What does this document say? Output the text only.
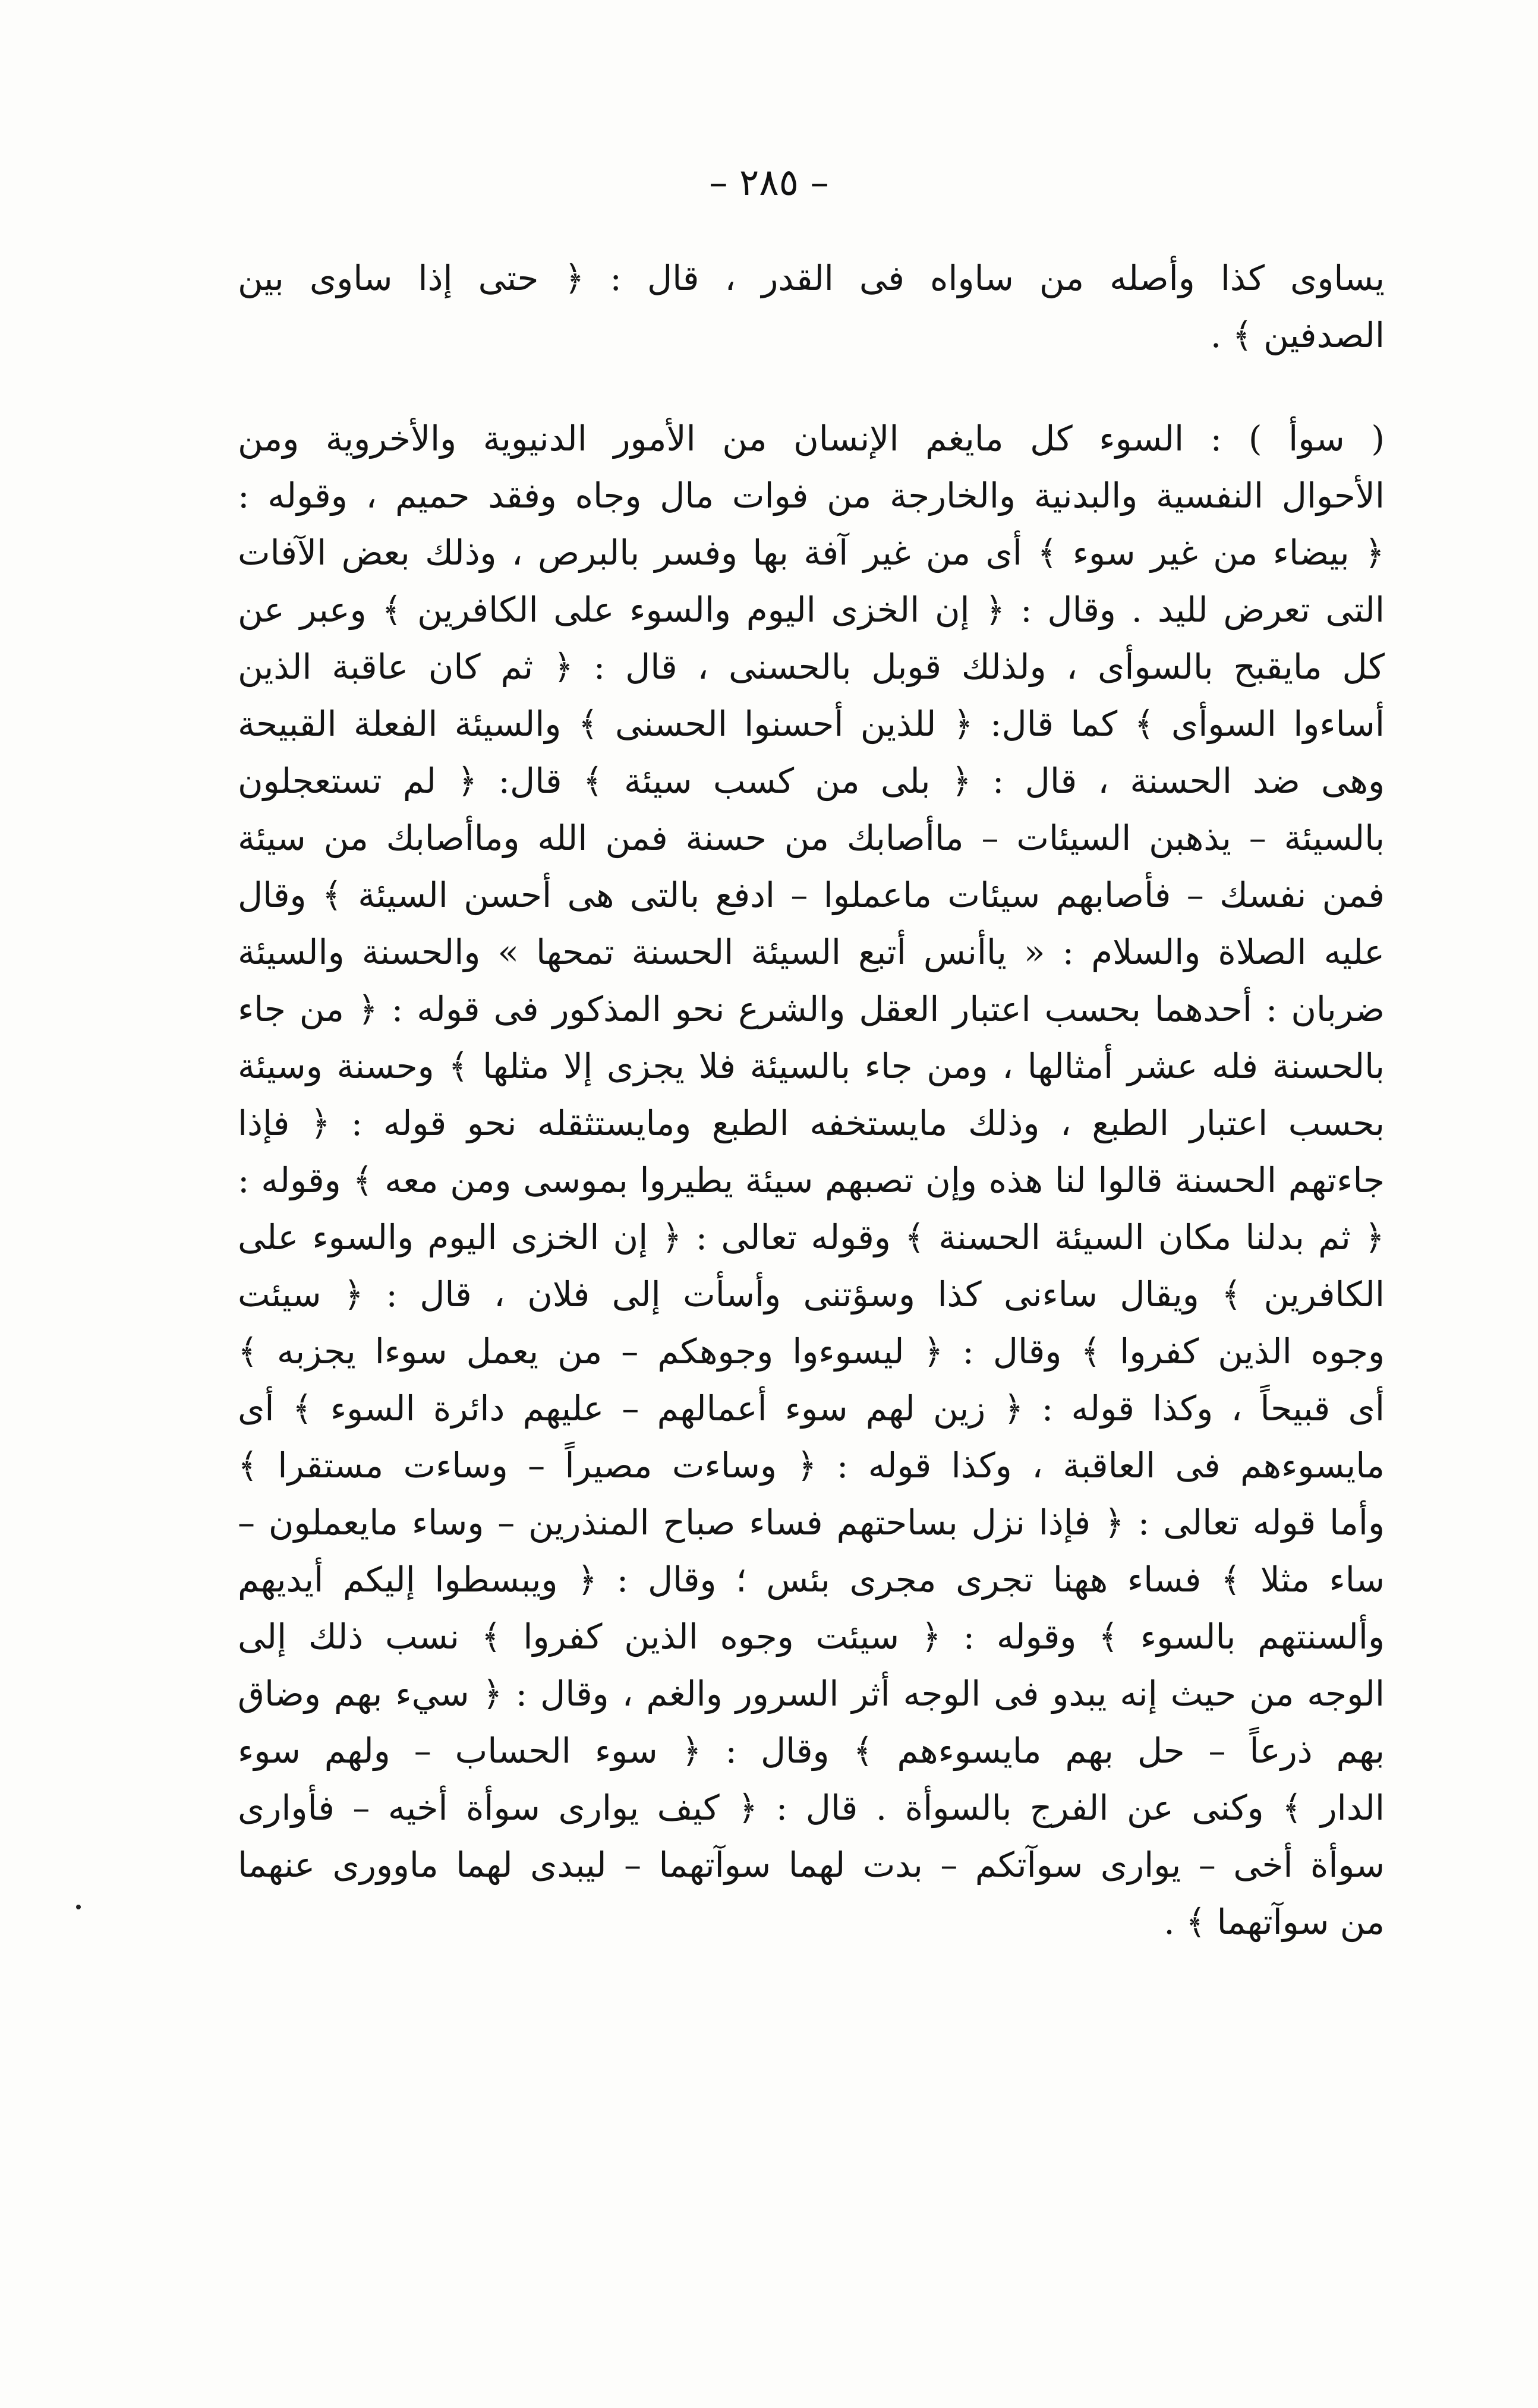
– ٢٨٥ –
يساوى كذا وأصله من ساواه فى القدر ، قال : ﴿ حتى إذا ساوى بين
الصدفين ﴾ .
( سوأ ) : السوء كل مايغم الإنسان من الأمور الدنيوية والأخروية ومن
الأحوال النفسية والبدنية والخارجة من فوات مال وجاه وفقد حميم ، وقوله :
﴿ بيضاء من غير سوء ﴾ أى من غير آفة بها وفسر بالبرص ، وذلك بعض الآفات
التى تعرض لليد . وقال : ﴿ إن الخزى اليوم والسوء على الكافرين ﴾ وعبر عن
كل مايقبح بالسوأى ، ولذلك قوبل بالحسنى ، قال : ﴿ ثم كان عاقبة الذين
أساءوا السوأى ﴾ كما قال: ﴿ للذين أحسنوا الحسنى ﴾ والسيئة الفعلة القبيحة
وهى ضد الحسنة ، قال : ﴿ بلى من كسب سيئة ﴾ قال: ﴿ لم تستعجلون
بالسيئة – يذهبن السيئات – ماأصابك من حسنة فمن الله وماأصابك من سيئة
فمن نفسك – فأصابهم سيئات ماعملوا – ادفع بالتى هى أحسن السيئة ﴾ وقال
عليه الصلاة والسلام : « ياأنس أتبع السيئة الحسنة تمحها » والحسنة والسيئة
ضربان : أحدهما بحسب اعتبار العقل والشرع نحو المذكور فى قوله : ﴿ من جاء
بالحسنة فله عشر أمثالها ، ومن جاء بالسيئة فلا يجزى إلا مثلها ﴾ وحسنة وسيئة
بحسب اعتبار الطبع ، وذلك مايستخفه الطبع ومايستثقله نحو قوله : ﴿ فإذا
جاءتهم الحسنة قالوا لنا هذه وإن تصبهم سيئة يطيروا بموسى ومن معه ﴾ وقوله :
﴿ ثم بدلنا مكان السيئة الحسنة ﴾ وقوله تعالى : ﴿ إن الخزى اليوم والسوء على
الكافرين ﴾ ويقال ساءنى كذا وسؤتنى وأسأت إلى فلان ، قال : ﴿ سيئت
وجوه الذين كفروا ﴾ وقال : ﴿ ليسوءوا وجوهكم – من يعمل سوءا يجزبه ﴾
أى قبيحاً ، وكذا قوله : ﴿ زين لهم سوء أعمالهم – عليهم دائرة السوء ﴾ أى
مايسوءهم فى العاقبة ، وكذا قوله : ﴿ وساءت مصيراً – وساءت مستقرا ﴾
وأما قوله تعالى : ﴿ فإذا نزل بساحتهم فساء صباح المنذرين – وساء مايعملون –
ساء مثلا ﴾ فساء ههنا تجرى مجرى بئس ؛ وقال : ﴿ ويبسطوا إليكم أيديهم
وألسنتهم بالسوء ﴾ وقوله : ﴿ سيئت وجوه الذين كفروا ﴾ نسب ذلك إلى
الوجه من حيث إنه يبدو فى الوجه أثر السرور والغم ، وقال : ﴿ سيء بهم وضاق
بهم ذرعاً – حل بهم مايسوءهم ﴾ وقال : ﴿ سوء الحساب – ولهم سوء
الدار ﴾ وكنى عن الفرج بالسوأة . قال : ﴿ كيف يوارى سوأة أخيه – فأوارى
سوأة أخى – يوارى سوآتكم – بدت لهما سوآتهما – ليبدى لهما ماوورى عنهما
من سوآتهما ﴾ .
